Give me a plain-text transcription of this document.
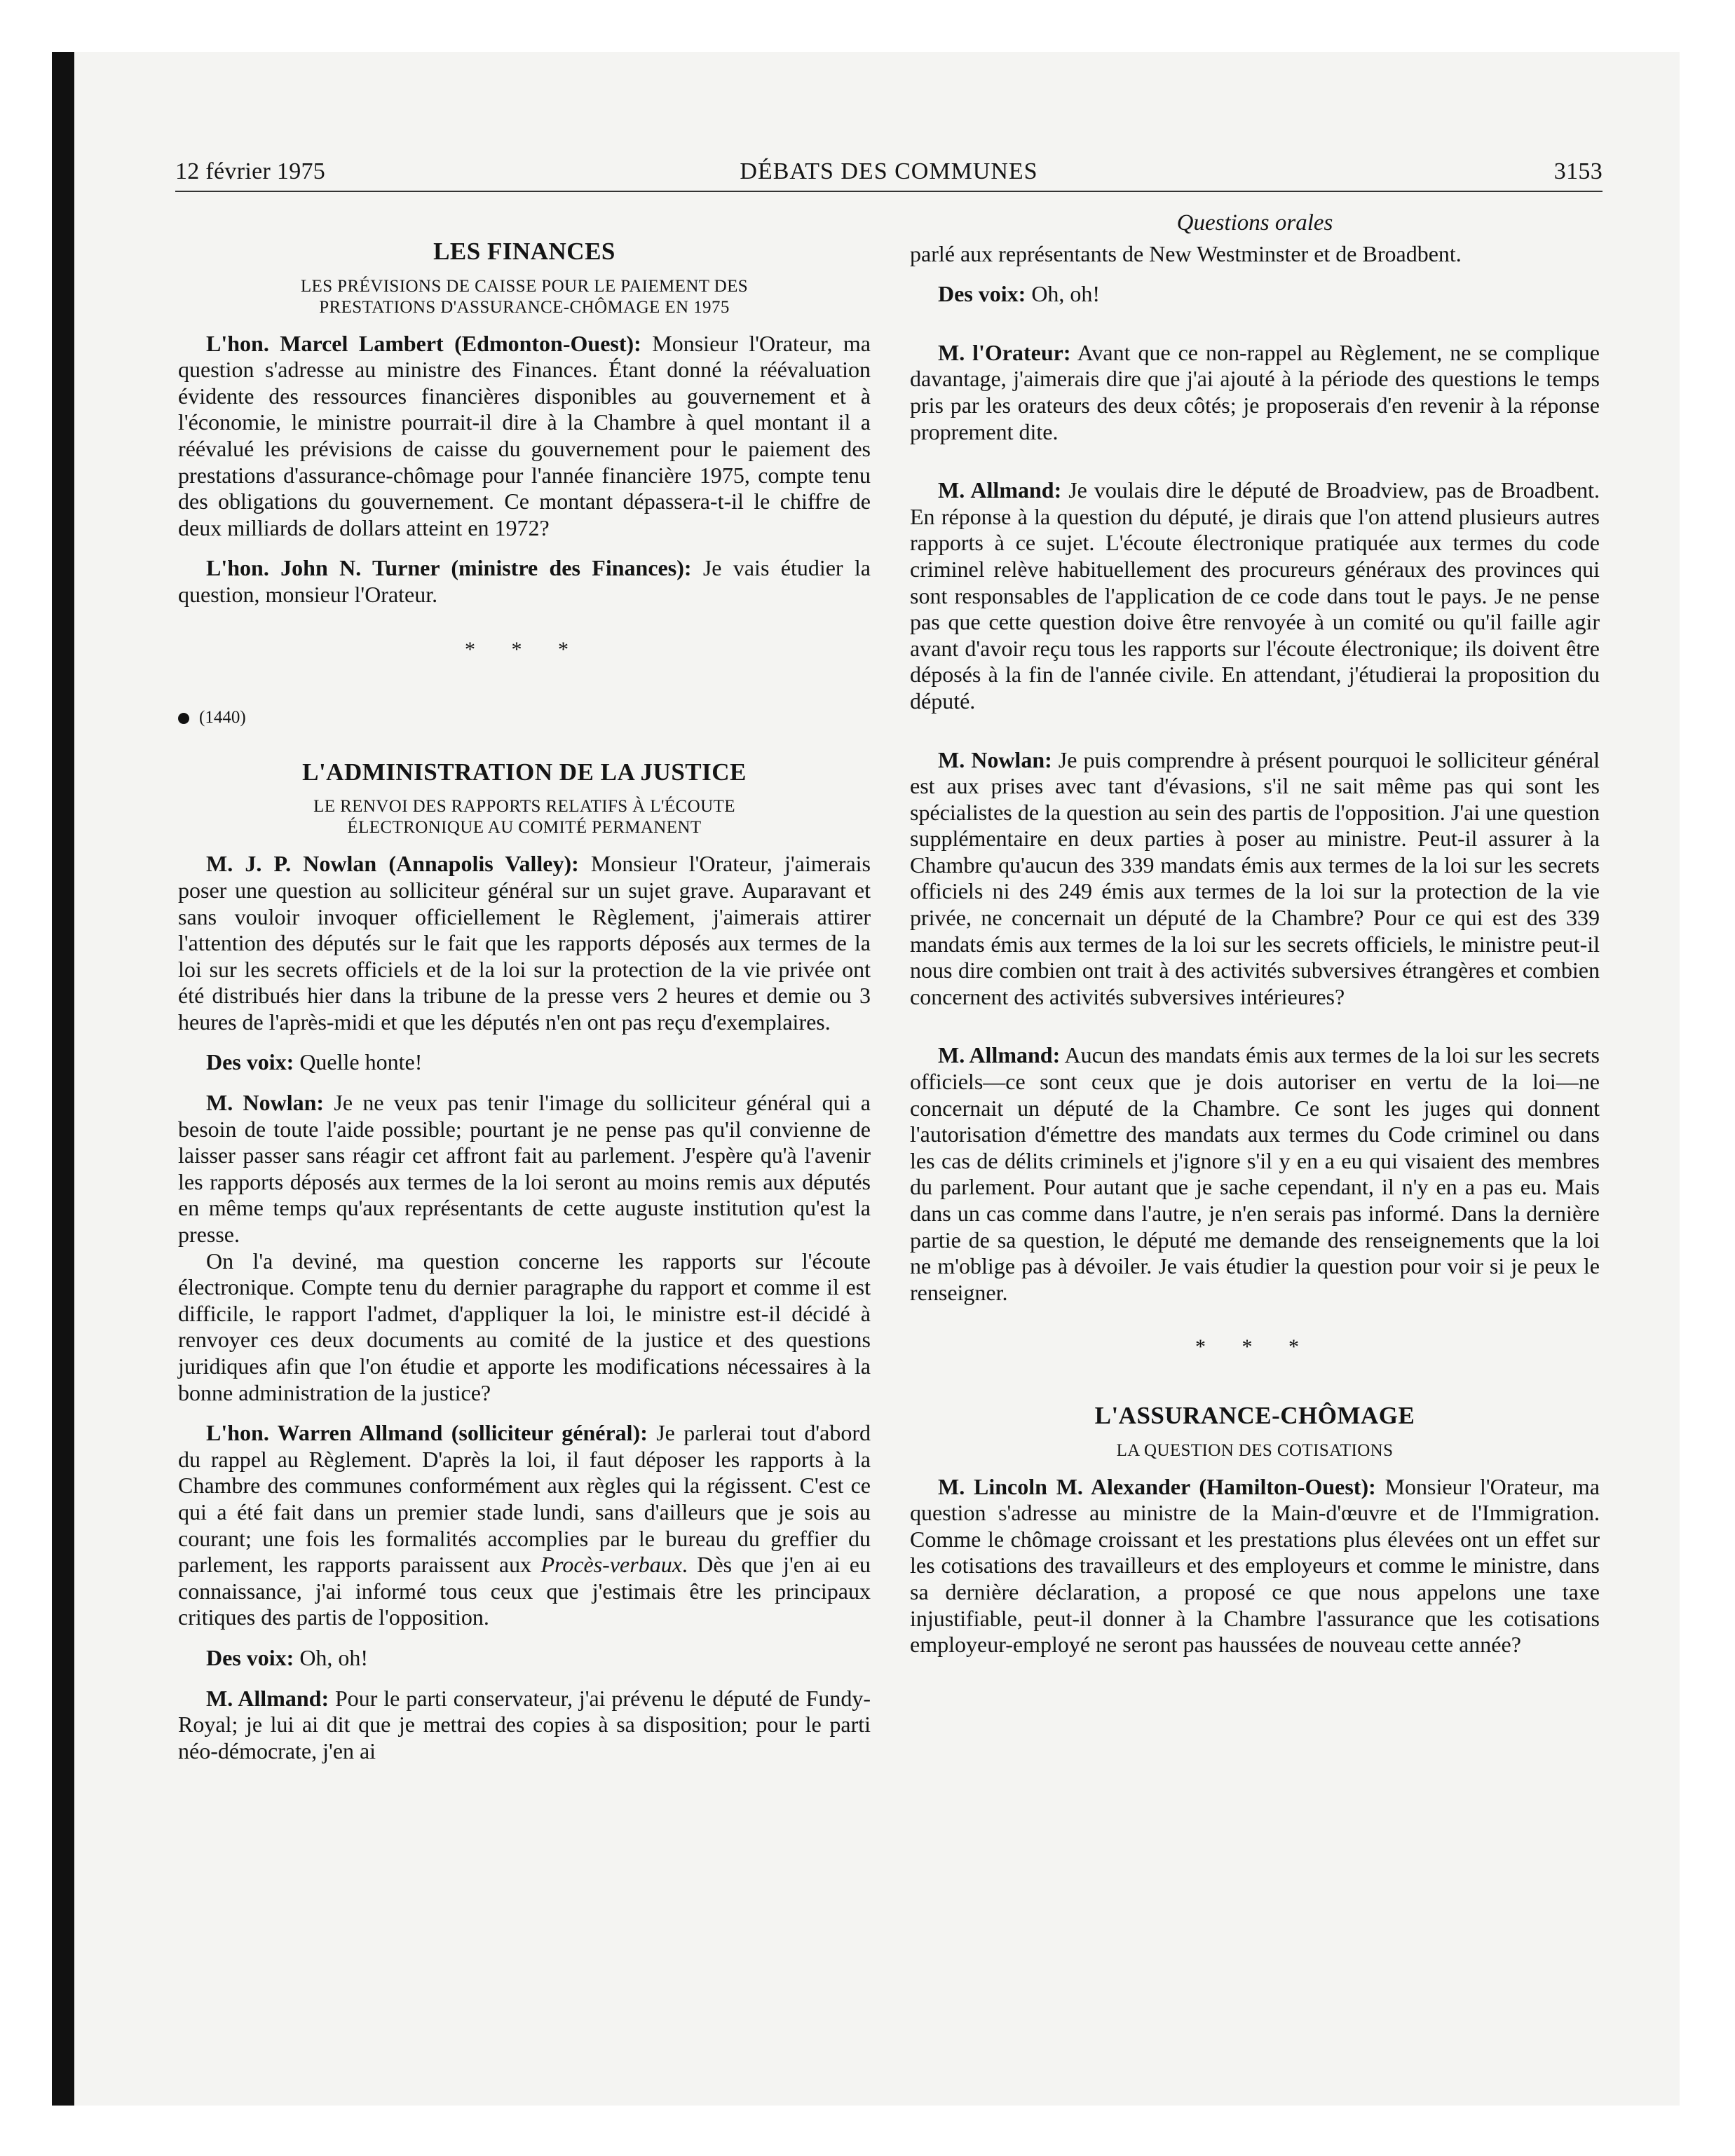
12 février 1975	DÉBATS DES COMMUNES	3153
LES FINANCES
LES PRÉVISIONS DE CAISSE POUR LE PAIEMENT DES
PRESTATIONS D'ASSURANCE-CHÔMAGE EN 1975

L'hon. Marcel Lambert (Edmonton-Ouest): Monsieur l'Orateur, ma question s'adresse au ministre des Finances. Étant donné la réévaluation évidente des ressources financières disponibles au gouvernement et à l'économie, le ministre pourrait-il dire à la Chambre à quel montant il a réévalué les prévisions de caisse du gouvernement pour le paiement des prestations d'assurance-chômage pour l'année financière 1975, compte tenu des obligations du gouvernement. Ce montant dépassera-t-il le chiffre de deux milliards de dollars atteint en 1972?

L'hon. John N. Turner (ministre des Finances): Je vais étudier la question, monsieur l'Orateur.

* * *
(1440)
L'ADMINISTRATION DE LA JUSTICE
LE RENVOI DES RAPPORTS RELATIFS À L'ÉCOUTE
ÉLECTRONIQUE AU COMITÉ PERMANENT

M. J. P. Nowlan (Annapolis Valley): Monsieur l'Orateur, j'aimerais poser une question au solliciteur général sur un sujet grave. Auparavant et sans vouloir invoquer officiellement le Règlement, j'aimerais attirer l'attention des députés sur le fait que les rapports déposés aux termes de la loi sur les secrets officiels et de la loi sur la protection de la vie privée ont été distribués hier dans la tribune de la presse vers 2 heures et demie ou 3 heures de l'après-midi et que les députés n'en ont pas reçu d'exemplaires.

Des voix: Quelle honte!

M. Nowlan: Je ne veux pas tenir l'image du solliciteur général qui a besoin de toute l'aide possible; pourtant je ne pense pas qu'il convienne de laisser passer sans réagir cet affront fait au parlement. J'espère qu'à l'avenir les rapports déposés aux termes de la loi seront au moins remis aux députés en même temps qu'aux représentants de cette auguste institution qu'est la presse.

On l'a deviné, ma question concerne les rapports sur l'écoute électronique. Compte tenu du dernier paragraphe du rapport et comme il est difficile, le rapport l'admet, d'appliquer la loi, le ministre est-il décidé à renvoyer ces deux documents au comité de la justice et des questions juridiques afin que l'on étudie et apporte les modifications nécessaires à la bonne administration de la justice?

L'hon. Warren Allmand (solliciteur général): Je parlerai tout d'abord du rappel au Règlement. D'après la loi, il faut déposer les rapports à la Chambre des communes conformément aux règles qui la régissent. C'est ce qui a été fait dans un premier stade lundi, sans d'ailleurs que je sois au courant; une fois les formalités accomplies par le bureau du greffier du parlement, les rapports paraissent aux Procès-verbaux. Dès que j'en ai eu connaissance, j'ai informé tous ceux que j'estimais être les principaux critiques des partis de l'opposition.

Des voix: Oh, oh!

M. Allmand: Pour le parti conservateur, j'ai prévenu le député de Fundy-Royal; je lui ai dit que je mettrai des copies à sa disposition; pour le parti néo-démocrate, j'en ai

Questions orales

parlé aux représentants de New Westminster et de Broadbent.

Des voix: Oh, oh!

M. l'Orateur: Avant que ce non-rappel au Règlement, ne se complique davantage, j'aimerais dire que j'ai ajouté à la période des questions le temps pris par les orateurs des deux côtés; je proposerais d'en revenir à la réponse proprement dite.

M. Allmand: Je voulais dire le député de Broadview, pas de Broadbent. En réponse à la question du député, je dirais que l'on attend plusieurs autres rapports à ce sujet. L'écoute électronique pratiquée aux termes du code criminel relève habituellement des procureurs généraux des provinces qui sont responsables de l'application de ce code dans tout le pays. Je ne pense pas que cette question doive être renvoyée à un comité ou qu'il faille agir avant d'avoir reçu tous les rapports sur l'écoute électronique; ils doivent être déposés à la fin de l'année civile. En attendant, j'étudierai la proposition du député.

M. Nowlan: Je puis comprendre à présent pourquoi le solliciteur général est aux prises avec tant d'évasions, s'il ne sait même pas qui sont les spécialistes de la question au sein des partis de l'opposition. J'ai une question supplémentaire en deux parties à poser au ministre. Peut-il assurer à la Chambre qu'aucun des 339 mandats émis aux termes de la loi sur les secrets officiels ni des 249 émis aux termes de la loi sur la protection de la vie privée, ne concernait un député de la Chambre? Pour ce qui est des 339 mandats émis aux termes de la loi sur les secrets officiels, le ministre peut-il nous dire combien ont trait à des activités subversives étrangères et combien concernent des activités subversives intérieures?

M. Allmand: Aucun des mandats émis aux termes de la loi sur les secrets officiels—ce sont ceux que je dois autoriser en vertu de la loi—ne concernait un député de la Chambre. Ce sont les juges qui donnent l'autorisation d'émettre des mandats aux termes du Code criminel ou dans les cas de délits criminels et j'ignore s'il y en a eu qui visaient des membres du parlement. Pour autant que je sache cependant, il n'y en a pas eu. Mais dans un cas comme dans l'autre, je n'en serais pas informé. Dans la dernière partie de sa question, le député me demande des renseignements que la loi ne m'oblige pas à dévoiler. Je vais étudier la question pour voir si je peux le renseigner.

* * *
L'ASSURANCE-CHÔMAGE
LA QUESTION DES COTISATIONS

M. Lincoln M. Alexander (Hamilton-Ouest): Monsieur l'Orateur, ma question s'adresse au ministre de la Main-d'œuvre et de l'Immigration. Comme le chômage croissant et les prestations plus élevées ont un effet sur les cotisations des travailleurs et des employeurs et comme le ministre, dans sa dernière déclaration, a proposé ce que nous appelons une taxe injustifiable, peut-il donner à la Chambre l'assurance que les cotisations employeur-employé ne seront pas haussées de nouveau cette année?
